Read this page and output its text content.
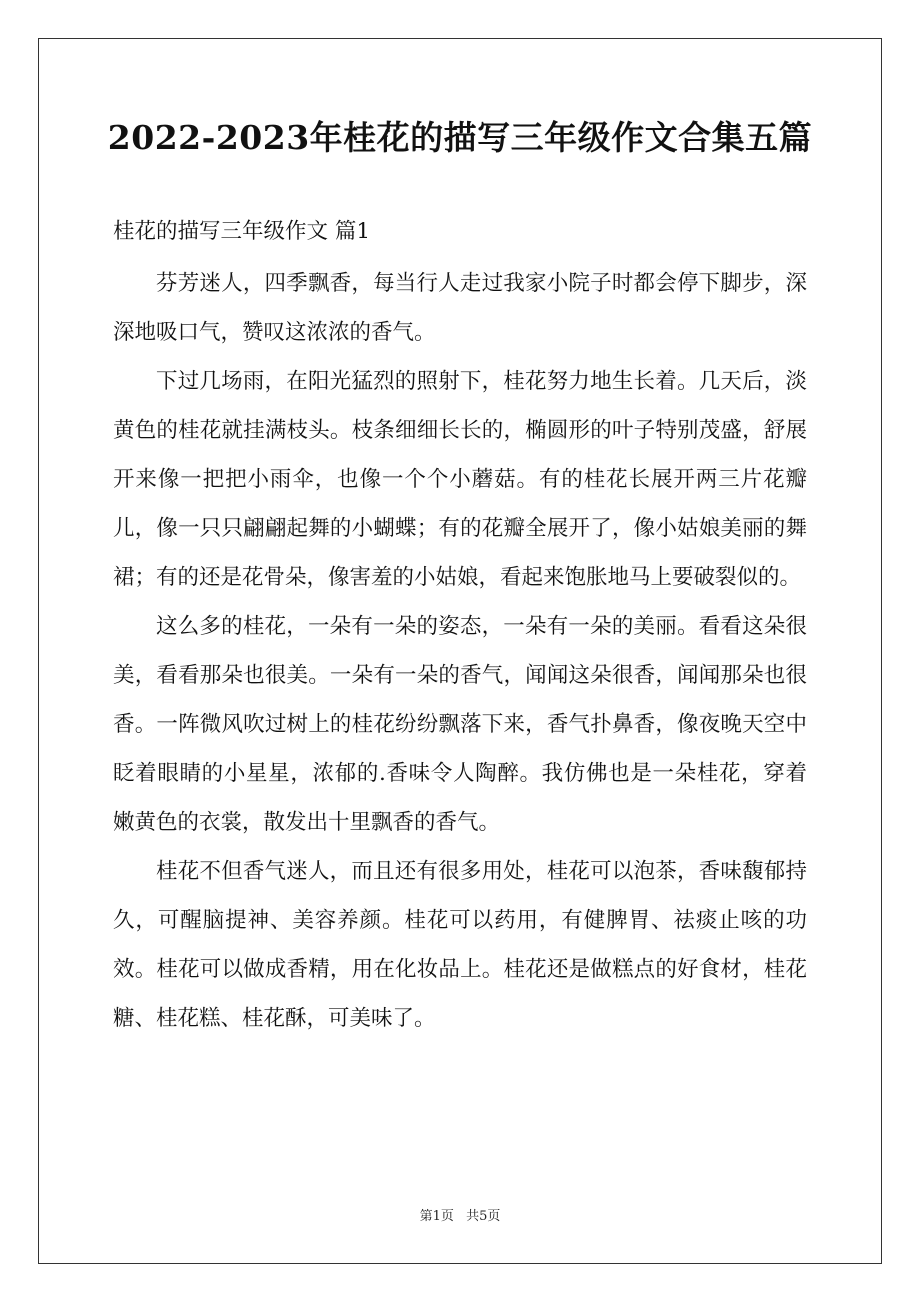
2022-2023年桂花的描写三年级作文合集五篇
桂花的描写三年级作文 篇1

芬芳迷人，四季飘香，每当行人走过我家小院子时都会停下脚步，深深地吸口气，赞叹这浓浓的香气。

下过几场雨，在阳光猛烈的照射下，桂花努力地生长着。几天后，淡黄色的桂花就挂满枝头。枝条细细长长的，椭圆形的叶子特别茂盛，舒展开来像一把把小雨伞，也像一个个小蘑菇。有的桂花长展开两三片花瓣儿，像一只只翩翩起舞的小蝴蝶；有的花瓣全展开了，像小姑娘美丽的舞裙；有的还是花骨朵，像害羞的小姑娘，看起来饱胀地马上要破裂似的。

这么多的桂花，一朵有一朵的姿态，一朵有一朵的美丽。看看这朵很美，看看那朵也很美。一朵有一朵的香气，闻闻这朵很香，闻闻那朵也很香。一阵微风吹过树上的桂花纷纷飘落下来，香气扑鼻香，像夜晚天空中眨着眼睛的小星星，浓郁的.香味令人陶醉。我仿佛也是一朵桂花，穿着嫩黄色的衣裳，散发出十里飘香的香气。

桂花不但香气迷人，而且还有很多用处，桂花可以泡茶，香味馥郁持久，可醒脑提神、美容养颜。桂花可以药用，有健脾胃、祛痰止咳的功效。桂花可以做成香精，用在化妆品上。桂花还是做糕点的好食材，桂花糖、桂花糕、桂花酥，可美味了。

第1页 共5页
